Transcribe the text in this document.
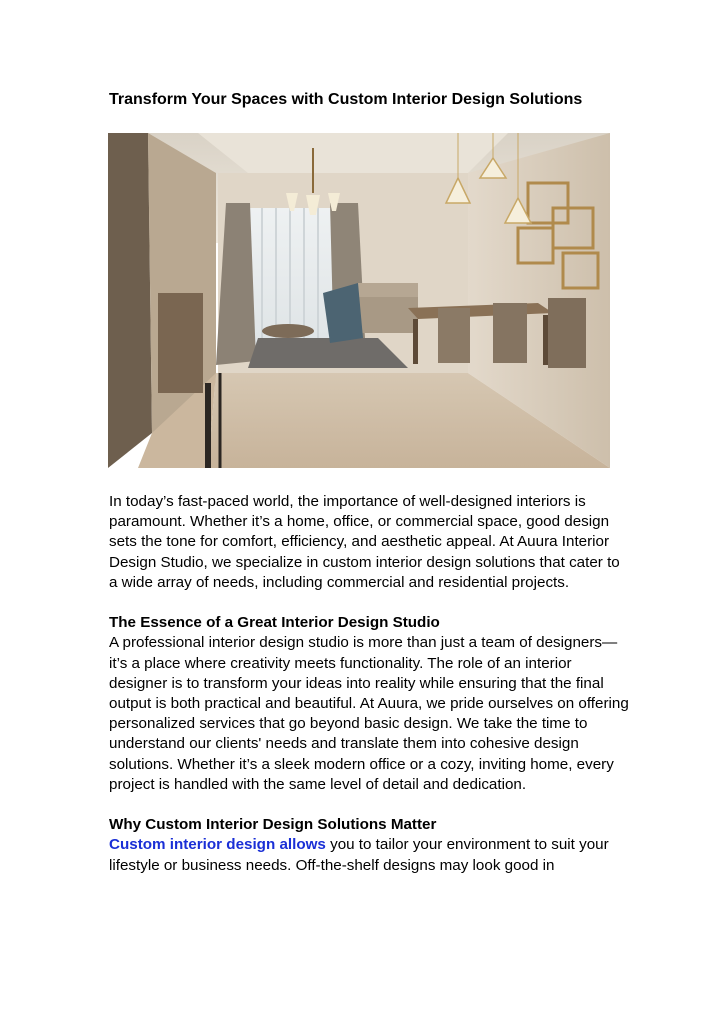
Transform Your Spaces with Custom Interior Design Solutions

In today’s fast-paced world, the importance of well-designed interiors is paramount. Whether it’s a home, office, or commercial space, good design sets the tone for comfort, efficiency, and aesthetic appeal. At Auura Interior Design Studio, we specialize in custom interior design solutions that cater to a wide array of needs, including commercial and residential projects.

The Essence of a Great Interior Design Studio

A professional interior design studio is more than just a team of designers—it’s a place where creativity meets functionality. The role of an interior designer is to transform your ideas into reality while ensuring that the final output is both practical and beautiful. At Auura, we pride ourselves on offering personalized services that go beyond basic design. We take the time to understand our clients' needs and translate them into cohesive design solutions. Whether it’s a sleek modern office or a cozy, inviting home, every project is handled with the same level of detail and dedication.

Why Custom Interior Design Solutions Matter

Custom interior design allows you to tailor your environment to suit your lifestyle or business needs. Off-the-shelf designs may look good in
